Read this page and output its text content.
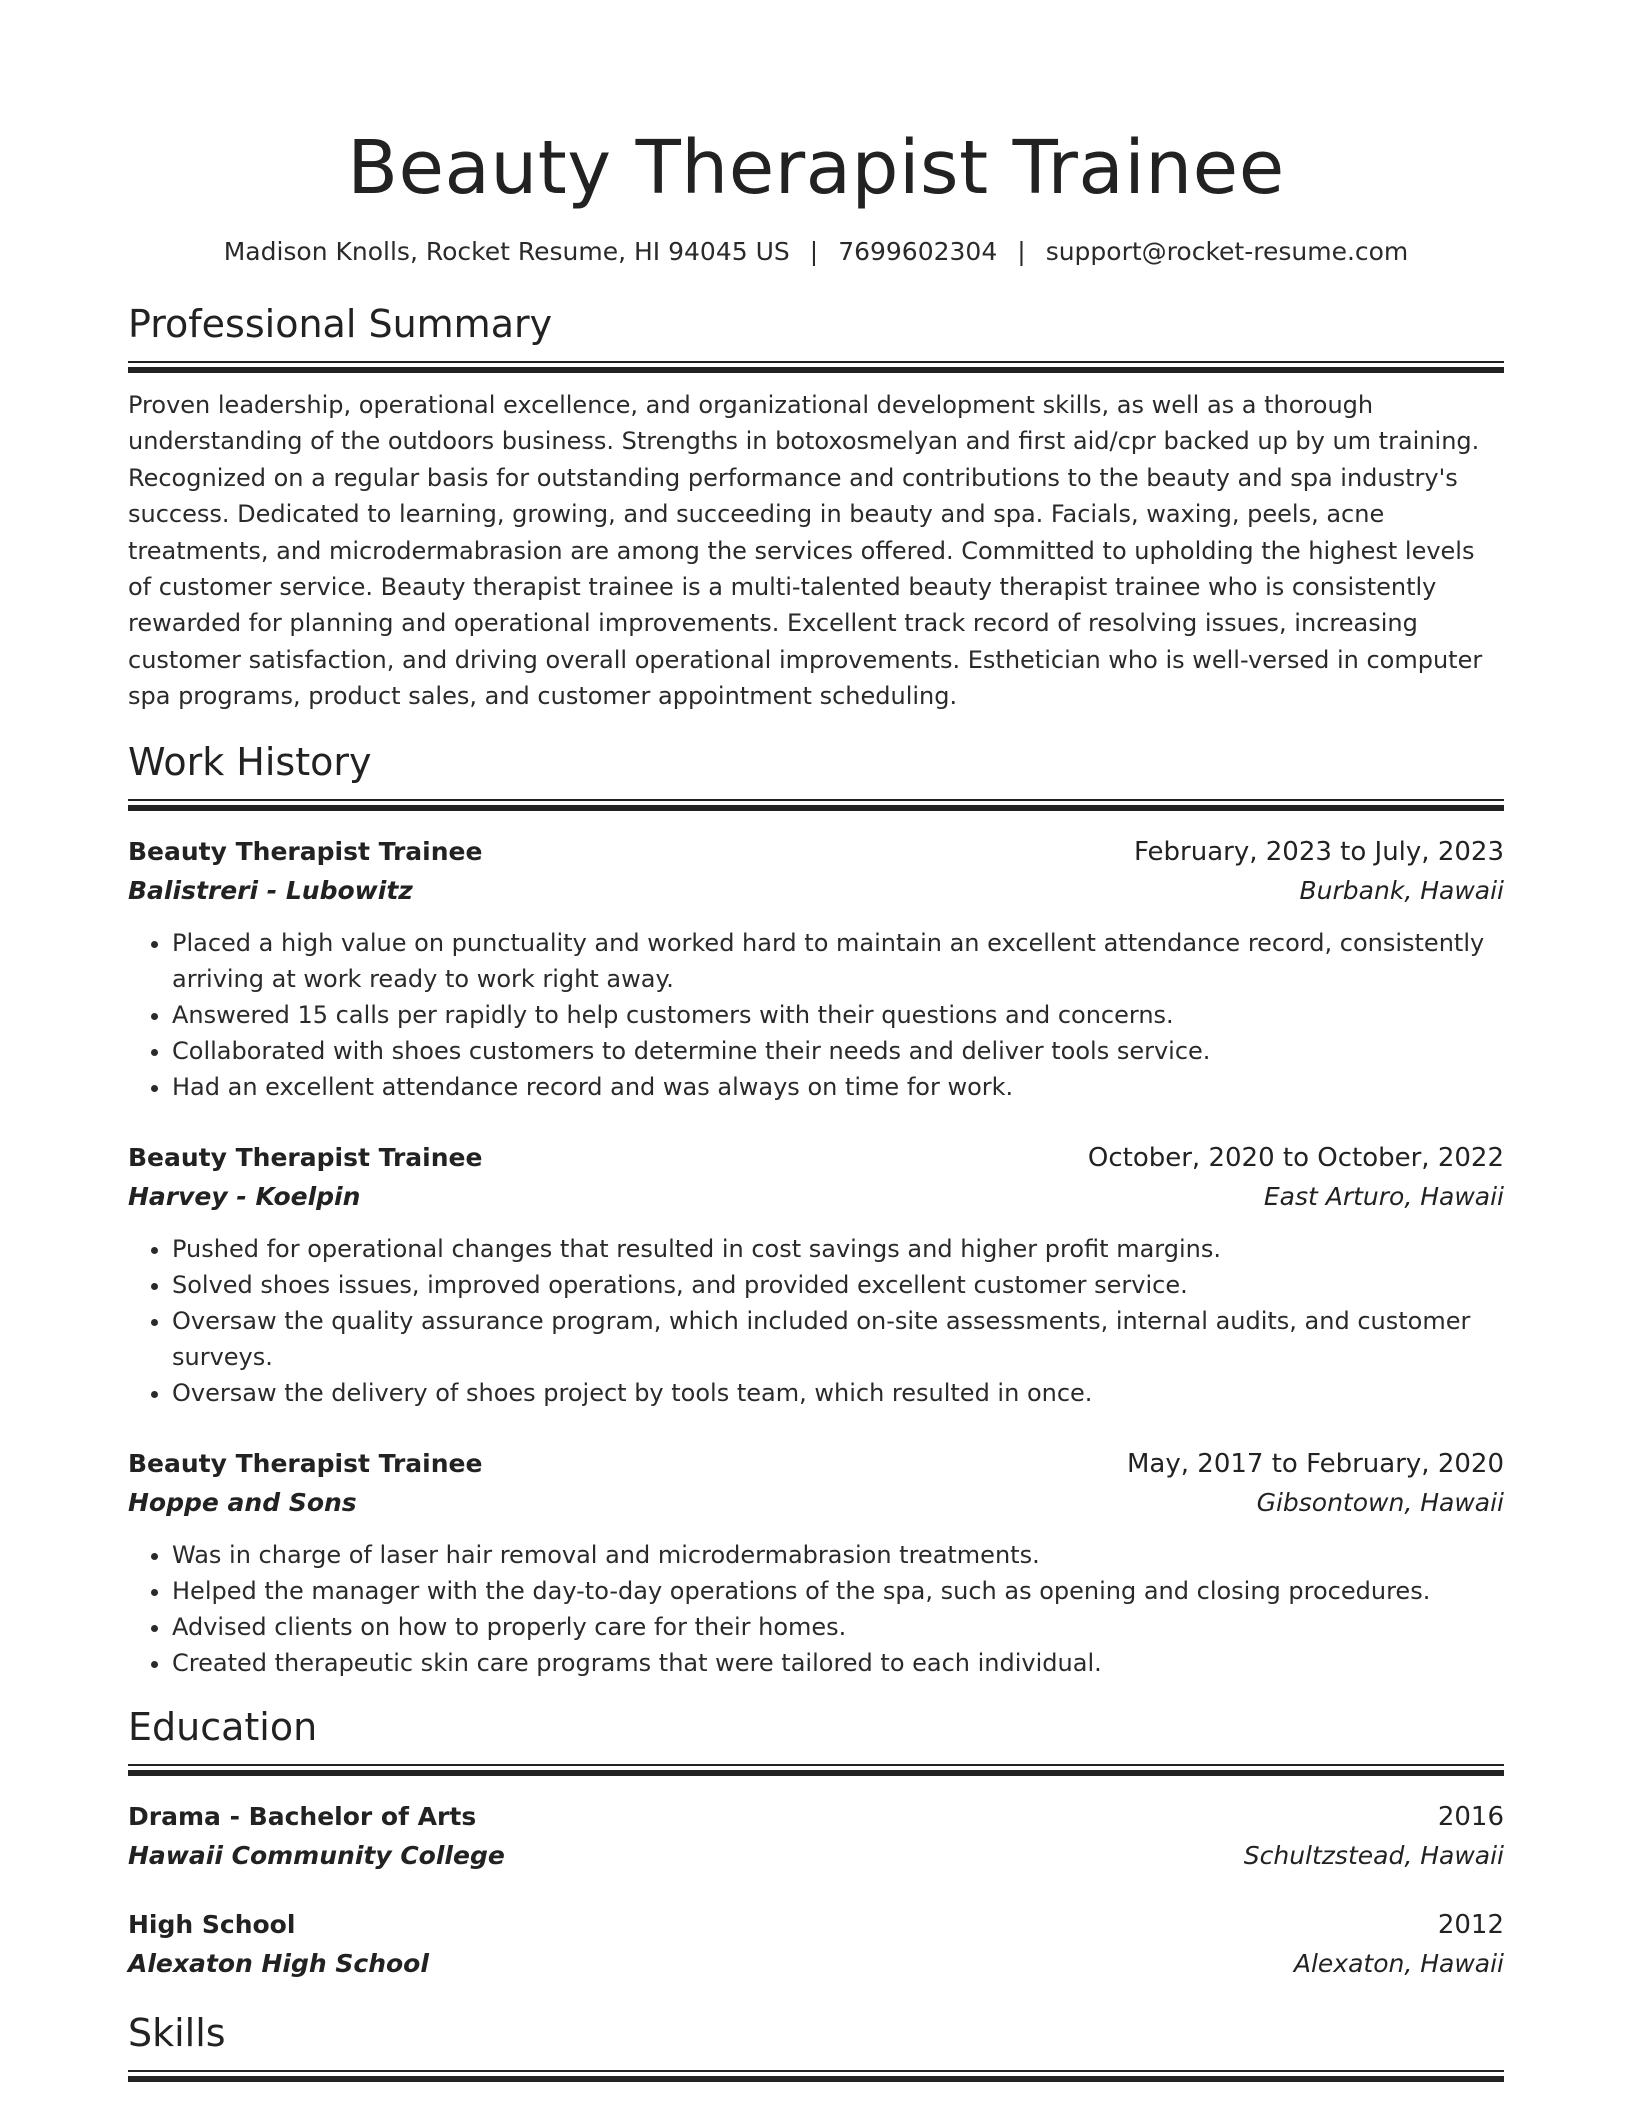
Beauty Therapist Trainee
Madison Knolls, Rocket Resume, HI 94045 US | 7699602304 | support@rocket-resume.com
Professional Summary

Proven leadership, operational excellence, and organizational development skills, as well as a thorough understanding of the outdoors business. Strengths in botoxosmelyan and first aid/cpr backed up by um training. Recognized on a regular basis for outstanding performance and contributions to the beauty and spa industry's success. Dedicated to learning, growing, and succeeding in beauty and spa. Facials, waxing, peels, acne treatments, and microdermabrasion are among the services offered. Committed to upholding the highest levels of customer service. Beauty therapist trainee is a multi-talented beauty therapist trainee who is consistently rewarded for planning and operational improvements. Excellent track record of resolving issues, increasing customer satisfaction, and driving overall operational improvements. Esthetician who is well-versed in computer spa programs, product sales, and customer appointment scheduling.

Work History
Beauty Therapist Trainee	February, 2023 to July, 2023
Balistreri - Lubowitz	Burbank, Hawaii
• Placed a high value on punctuality and worked hard to maintain an excellent attendance record, consistently arriving at work ready to work right away.
• Answered 15 calls per rapidly to help customers with their questions and concerns.
• Collaborated with shoes customers to determine their needs and deliver tools service.
• Had an excellent attendance record and was always on time for work.
Beauty Therapist Trainee	October, 2020 to October, 2022
Harvey - Koelpin	East Arturo, Hawaii
• Pushed for operational changes that resulted in cost savings and higher profit margins.
• Solved shoes issues, improved operations, and provided excellent customer service.
• Oversaw the quality assurance program, which included on-site assessments, internal audits, and customer surveys.
• Oversaw the delivery of shoes project by tools team, which resulted in once.
Beauty Therapist Trainee	May, 2017 to February, 2020
Hoppe and Sons	Gibsontown, Hawaii
• Was in charge of laser hair removal and microdermabrasion treatments.
• Helped the manager with the day-to-day operations of the spa, such as opening and closing procedures.
• Advised clients on how to properly care for their homes.
• Created therapeutic skin care programs that were tailored to each individual.
Education
Drama - Bachelor of Arts	2016
Hawaii Community College	Schultzstead, Hawaii
High School	2012
Alexaton High School	Alexaton, Hawaii
Skills
